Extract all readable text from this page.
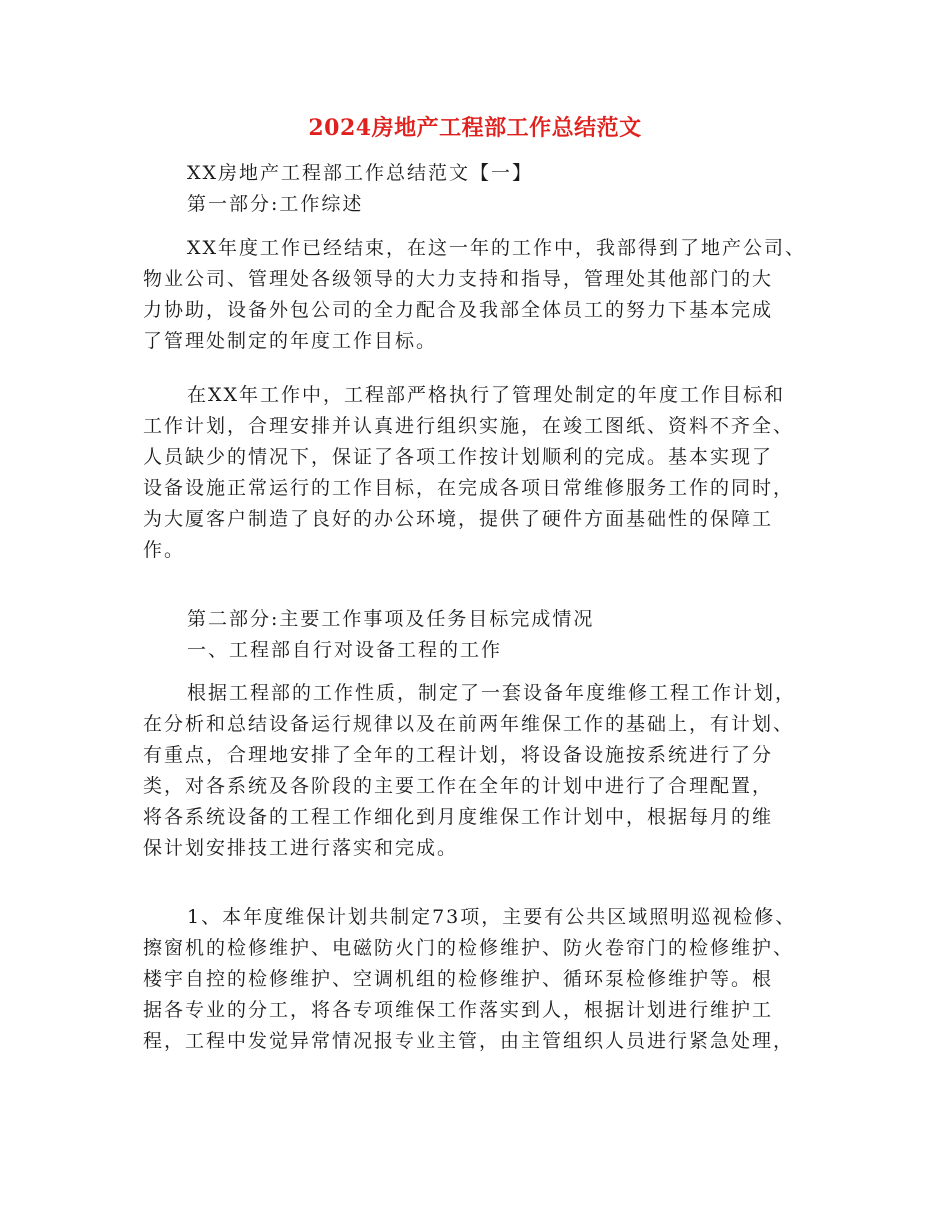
2024房地产工程部工作总结范文
XX房地产工程部工作总结范文【一】
第一部分:工作综述
XX年度工作已经结束，在这一年的工作中，我部得到了地产公司、
物业公司、管理处各级领导的大力支持和指导，管理处其他部门的大
力协助，设备外包公司的全力配合及我部全体员工的努力下基本完成
了管理处制定的年度工作目标。
在XX年工作中，工程部严格执行了管理处制定的年度工作目标和
工作计划，合理安排并认真进行组织实施，在竣工图纸、资料不齐全、
人员缺少的情况下，保证了各项工作按计划顺利的完成。基本实现了
设备设施正常运行的工作目标，在完成各项日常维修服务工作的同时，
为大厦客户制造了良好的办公环境，提供了硬件方面基础性的保障工
作。
第二部分:主要工作事项及任务目标完成情况
一、工程部自行对设备工程的工作
根据工程部的工作性质，制定了一套设备年度维修工程工作计划，
在分析和总结设备运行规律以及在前两年维保工作的基础上，有计划、
有重点，合理地安排了全年的工程计划，将设备设施按系统进行了分
类，对各系统及各阶段的主要工作在全年的计划中进行了合理配置，
将各系统设备的工程工作细化到月度维保工作计划中，根据每月的维
保计划安排技工进行落实和完成。
1、本年度维保计划共制定73项，主要有公共区域照明巡视检修、
擦窗机的检修维护、电磁防火门的检修维护、防火卷帘门的检修维护、
楼宇自控的检修维护、空调机组的检修维护、循环泵检修维护等。根
据各专业的分工，将各专项维保工作落实到人，根据计划进行维护工
程，工程中发觉异常情况报专业主管，由主管组织人员进行紧急处理，
